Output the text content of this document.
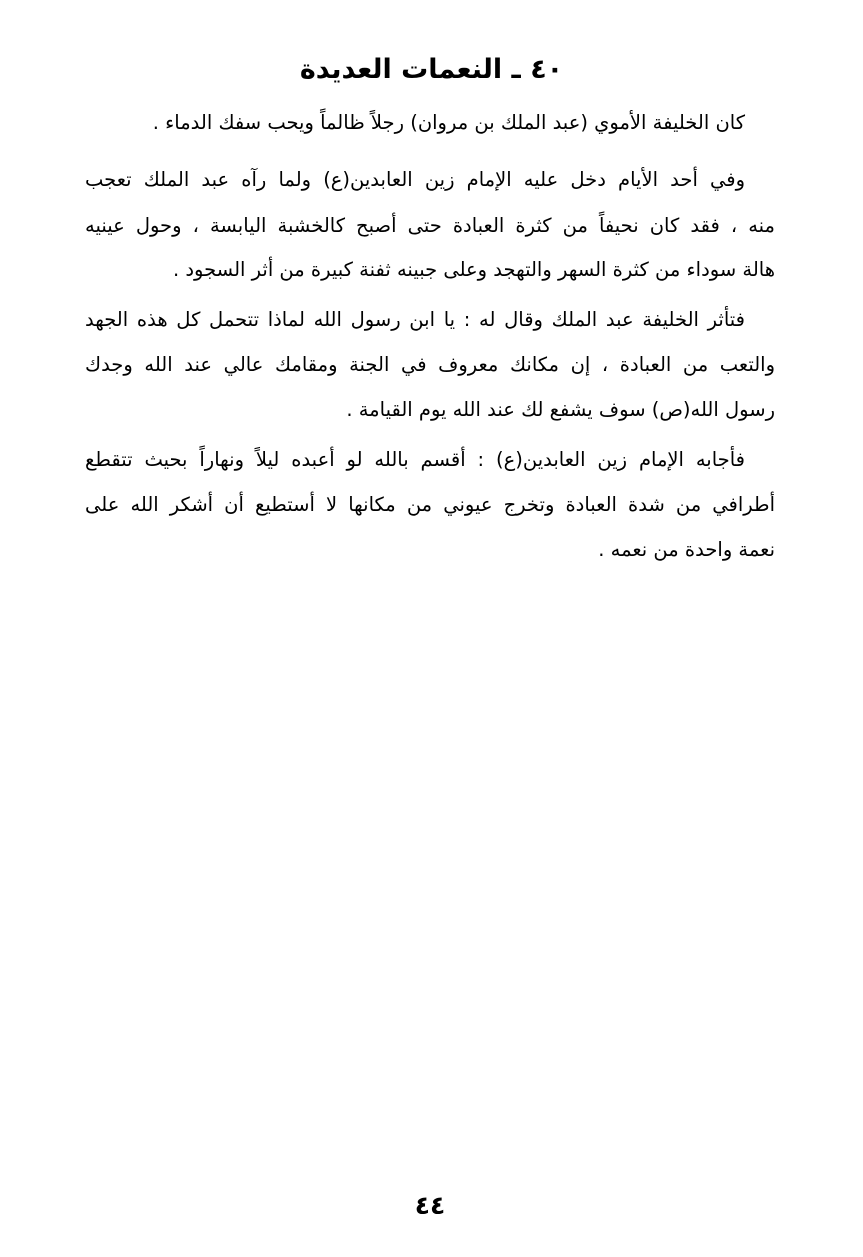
٤٠ ـ النعمات العديدة
كان الخليفة الأموي (عبد الملك بن مروان) رجلاً ظالماً ويحب سفك الدماء .
وفي أحد الأيام دخل عليه الإمام زين العابدين(ع) ولما رآه عبد الملك تعجب
منه ، فقد كان نحيفاً من كثرة العبادة حتى أصبح كالخشبة اليابسة ، وحول عينيه
هالة سوداء من كثرة السهر والتهجد وعلى جبينه ثفنة كبيرة من أثر السجود .
فتأثر الخليفة عبد الملك وقال له : يا ابن رسول الله لماذا تتحمل كل هذه الجهد
والتعب من العبادة ، إن مكانك معروف في الجنة ومقامك عالي عند الله وجدك
رسول الله(ص) سوف يشفع لك عند الله يوم القيامة .
فأجابه الإمام زين العابدين(ع) : أقسم بالله لو أعبده ليلاً ونهاراً بحيث تتقطع
أطرافي من شدة العبادة وتخرج عيوني من مكانها لا أستطيع أن أشكر الله على
نعمة واحدة من نعمه .
٤٤
